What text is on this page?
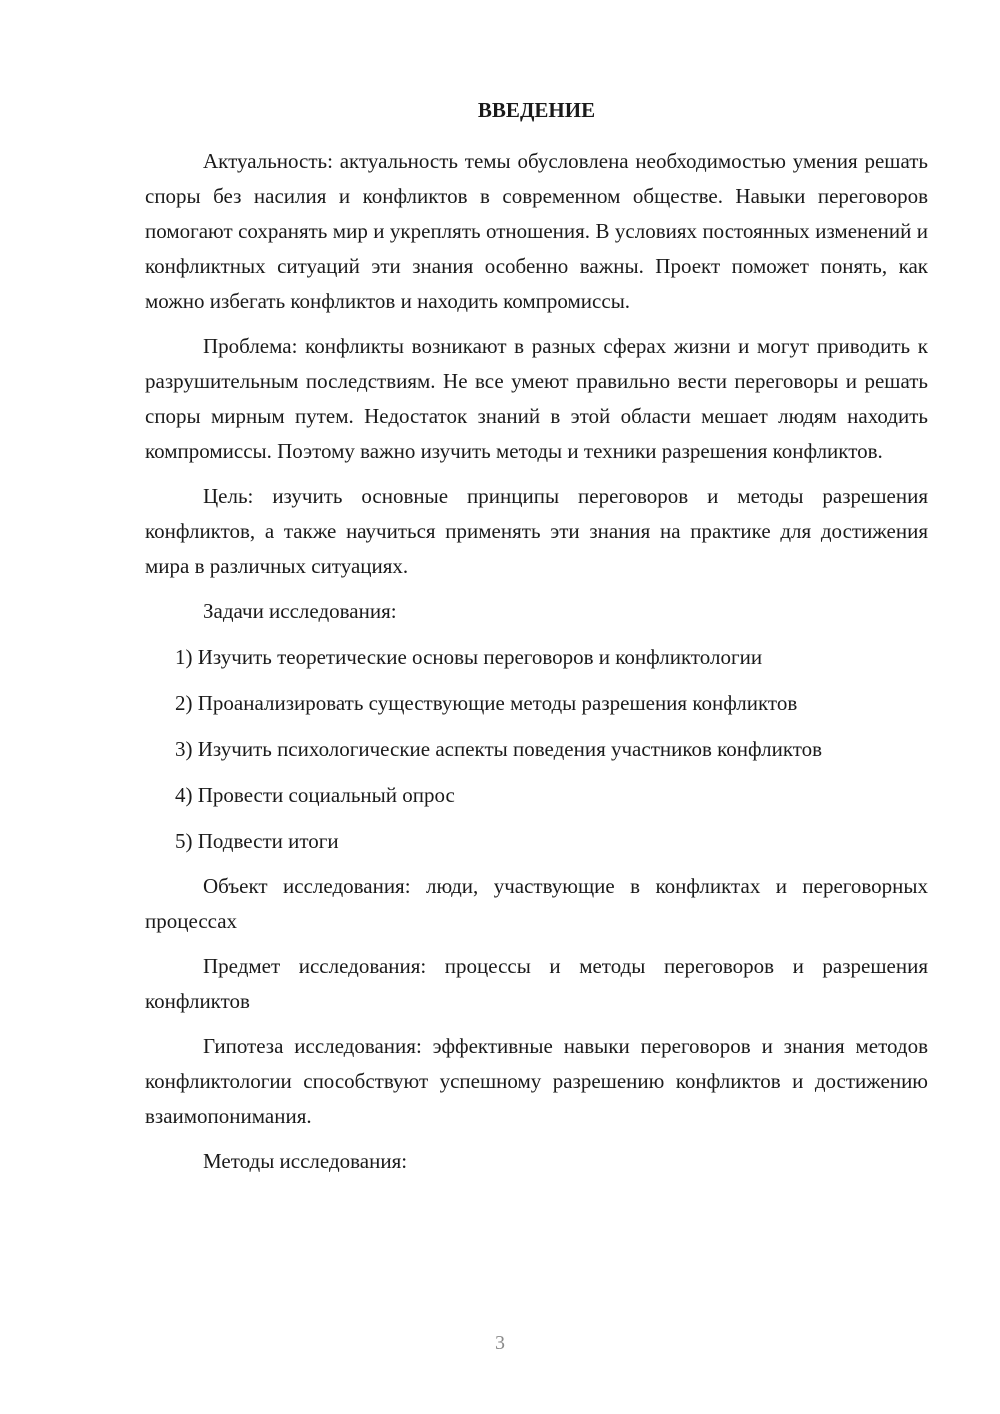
ВВЕДЕНИЕ

Актуальность: актуальность темы обусловлена необходимостью умения решать споры без насилия и конфликтов в современном обществе. Навыки переговоров помогают сохранять мир и укреплять отношения. В условиях постоянных изменений и конфликтных ситуаций эти знания особенно важны. Проект поможет понять, как можно избегать конфликтов и находить компромиссы.

Проблема: конфликты возникают в разных сферах жизни и могут приводить к разрушительным последствиям. Не все умеют правильно вести переговоры и решать споры мирным путем. Недостаток знаний в этой области мешает людям находить компромиссы. Поэтому важно изучить методы и техники разрешения конфликтов.

Цель: изучить основные принципы переговоров и методы разрешения конфликтов, а также научиться применять эти знания на практике для достижения мира в различных ситуациях.

Задачи исследования:

1) Изучить теоретические основы переговоров и конфликтологии

2) Проанализировать существующие методы разрешения конфликтов

3) Изучить психологические аспекты поведения участников конфликтов

4) Провести социальный опрос

5) Подвести итоги

Объект исследования: люди, участвующие в конфликтах и переговорных процессах

Предмет исследования: процессы и методы переговоров и разрешения конфликтов

Гипотеза исследования: эффективные навыки переговоров и знания методов конфликтологии способствуют успешному разрешению конфликтов и достижению взаимопонимания.

Методы исследования:

3
